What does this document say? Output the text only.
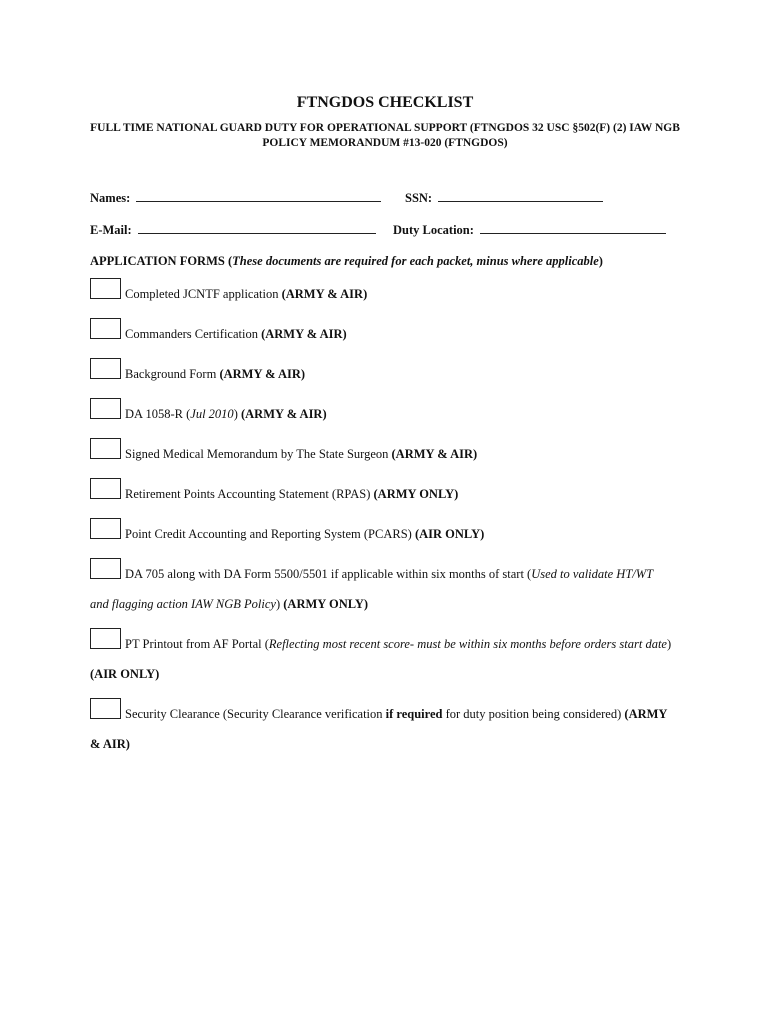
FTNGDOS CHECKLIST
FULL TIME NATIONAL GUARD DUTY FOR OPERATIONAL SUPPORT (FTNGDOS 32 USC §502(F) (2) IAW NGB POLICY MEMORANDUM #13-020 (FTNGDOS)
Names:	SSN:
E-Mail:	Duty Location:
APPLICATION FORMS (These documents are required for each packet, minus where applicable)
Completed JCNTF application (ARMY & AIR)
Commanders Certification (ARMY & AIR)
Background Form (ARMY & AIR)
DA 1058-R (Jul 2010) (ARMY & AIR)
Signed Medical Memorandum by The State Surgeon (ARMY & AIR)
Retirement Points Accounting Statement (RPAS) (ARMY ONLY)
Point Credit Accounting and Reporting System (PCARS) (AIR ONLY)
DA 705 along with DA Form 5500/5501 if applicable within six months of start (Used to validate HT/WT
and flagging action IAW NGB Policy) (ARMY ONLY)
PT Printout from AF Portal (Reflecting most recent score- must be within six months before orders start date)
(AIR ONLY)
Security Clearance (Security Clearance verification if required for duty position being considered) (ARMY
& AIR)
